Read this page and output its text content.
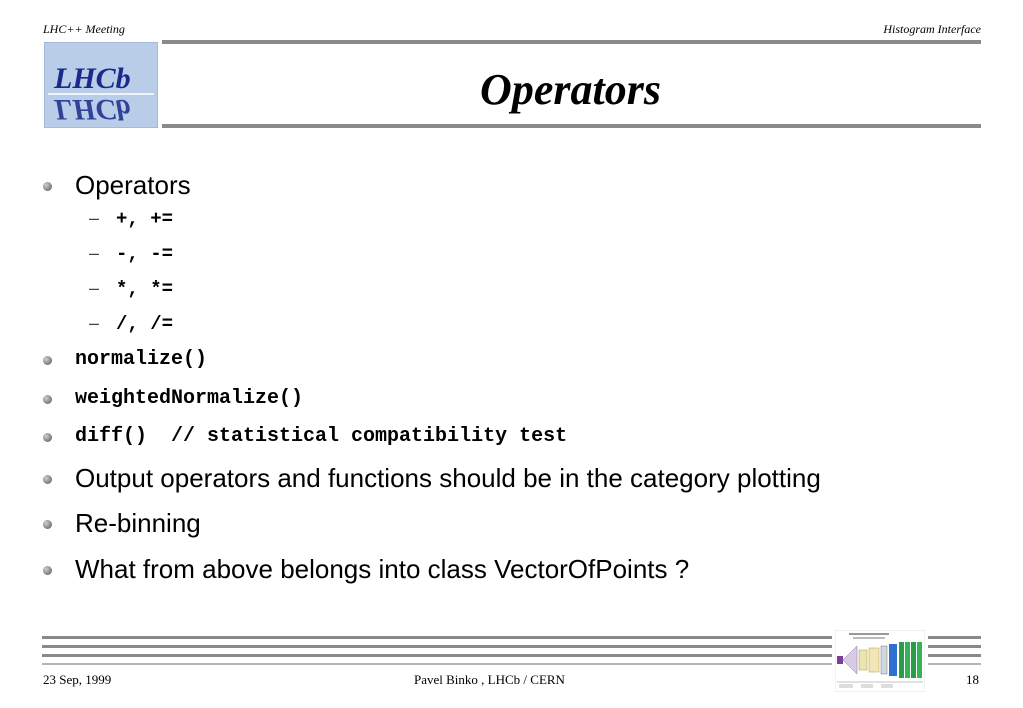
LHC++ Meeting	Histogram Interface
LHCb
LHCb	Operators
Operators
– +, +=
– -, -=
– *, *=
– /, /=
normalize()
weightedNormalize()
diff()  // statistical compatibility test
Output operators and functions should be in the category plotting
Re-binning
What from above belongs into class VectorOfPoints ?
23 Sep, 1999	Pavel Binko , LHCb / CERN	18
